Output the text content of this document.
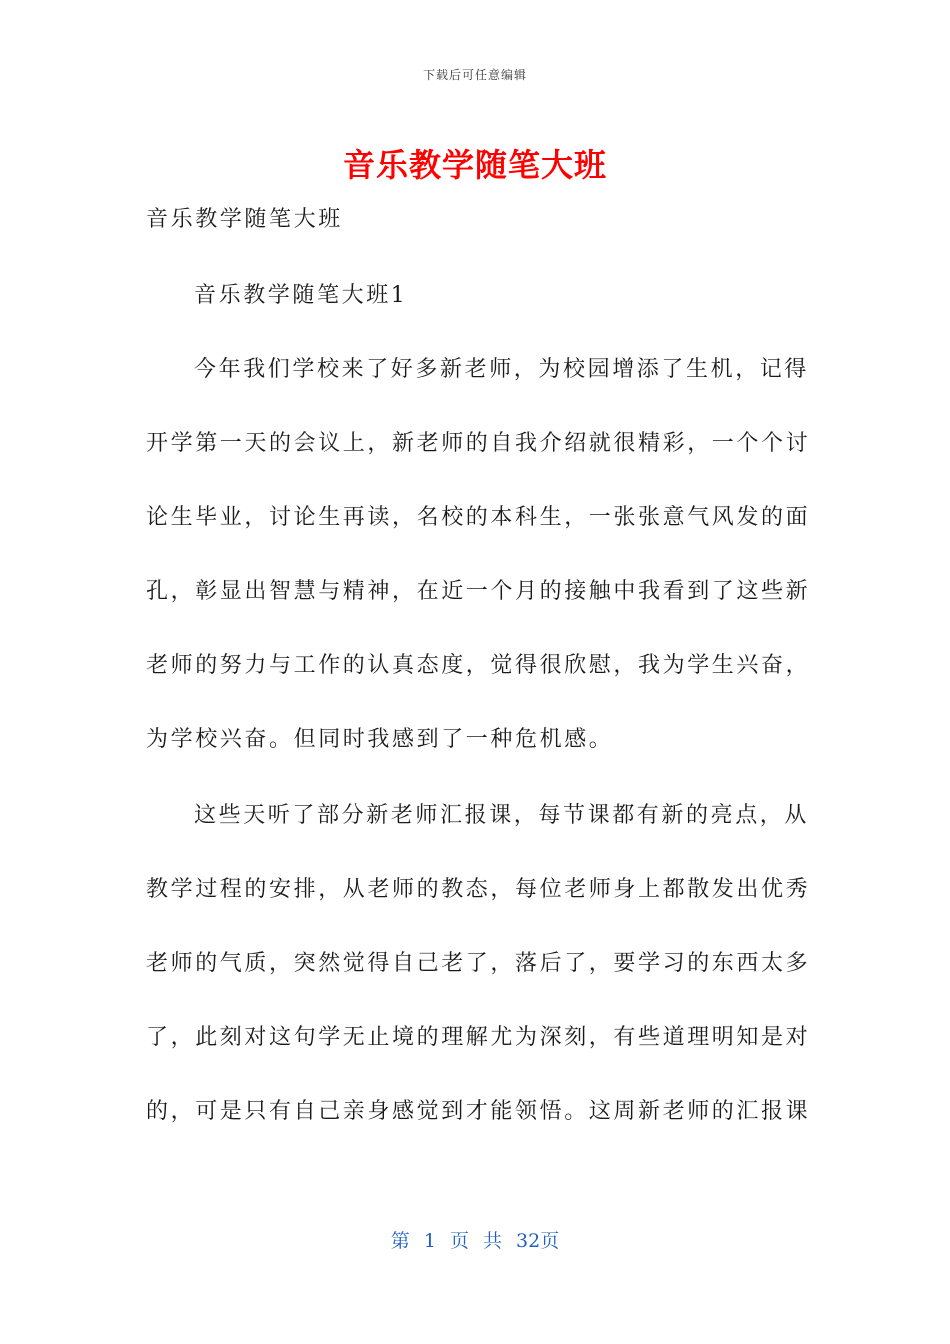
下载后可任意编辑
音乐教学随笔大班
音乐教学随笔大班
音乐教学随笔大班1
今年我们学校来了好多新老师，为校园增添了生机，记得
开学第一天的会议上，新老师的自我介绍就很精彩，一个个讨
论生毕业，讨论生再读，名校的本科生，一张张意气风发的面
孔，彰显出智慧与精神，在近一个月的接触中我看到了这些新
老师的努力与工作的认真态度，觉得很欣慰，我为学生兴奋，
为学校兴奋。但同时我感到了一种危机感。
这些天听了部分新老师汇报课，每节课都有新的亮点，从
教学过程的安排，从老师的教态，每位老师身上都散发出优秀
老师的气质，突然觉得自己老了，落后了，要学习的东西太多
了，此刻对这句学无止境的理解尤为深刻，有些道理明知是对
的，可是只有自己亲身感觉到才能领悟。这周新老师的汇报课
第 1 页 共 32页
